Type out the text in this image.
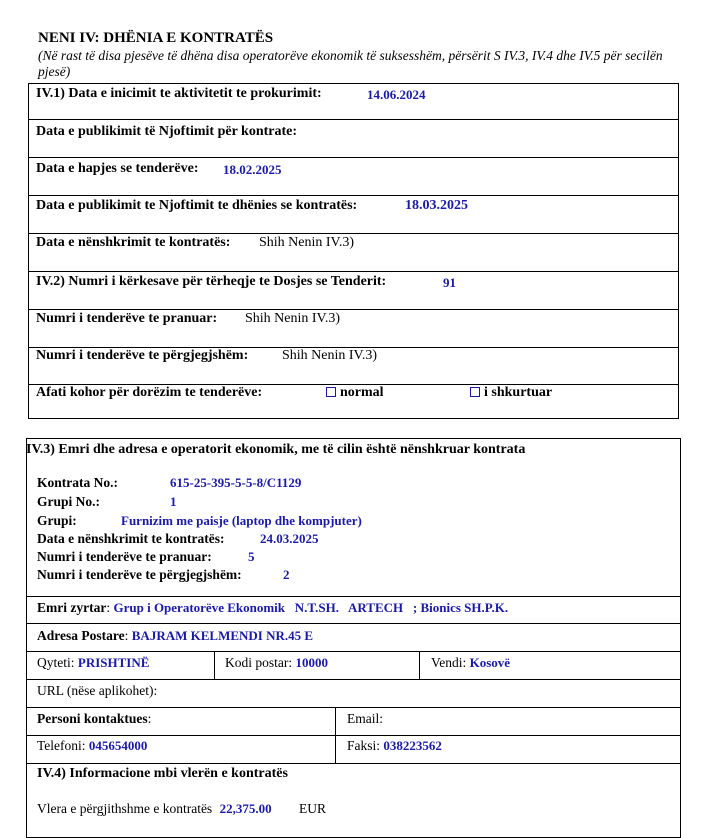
NENI IV: DHËNIA E KONTRATËS
(Në rast të disa pjesëve të dhëna disa operatorëve ekonomik të suksesshëm, përsërit S IV.3, IV.4 dhe IV.5 për secilën pjesë)
IV.1) Data e inicimit te aktivitetit te prokurimit:	14.06.2024
Data e publikimit të Njoftimit për kontrate:
Data e hapjes se tenderëve: 18.02.2025
Data e publikimit te Njoftimit te dhënies se kontratës:	18.03.2025
Data e nënshkrimit te kontratës: Shih Nenin IV.3)
IV.2) Numri i kërkesave për tërheqje te Dosjes se Tenderit:	91
Numri i tenderëve te pranuar: Shih Nenin IV.3)
Numri i tenderëve te përgjegjshëm: Shih Nenin IV.3)
Afati kohor për dorëzim te tenderëve:	normal	i shkurtuar
IV.3) Emri dhe adresa e operatorit ekonomik, me të cilin është nënshkruar kontrata
Kontrata No.:	615-25-395-5-5-8/C1129
Grupi No.:	1
Grupi:	Furnizim me paisje (laptop dhe kompjuter)
Data e nënshkrimit te kontratës:	24.03.2025
Numri i tenderëve te pranuar:	5
Numri i tenderëve te përgjegjshëm:	2
Emri zyrtar: Grup i Operatorëve Ekonomik   N.T.SH.   ARTECH   ; Bionics SH.P.K.
Adresa Postare: BAJRAM KELMENDI NR.45 E
Qyteti: PRISHTINË	Kodi postar: 10000	Vendi: Kosovë
URL (nëse aplikohet):
Personi kontaktues:	Email:
Telefoni: 045654000	Faksi: 038223562
IV.4) Informacione mbi vlerën e kontratës
Vlera e përgjithshme e kontratës 22,375.00 EUR
